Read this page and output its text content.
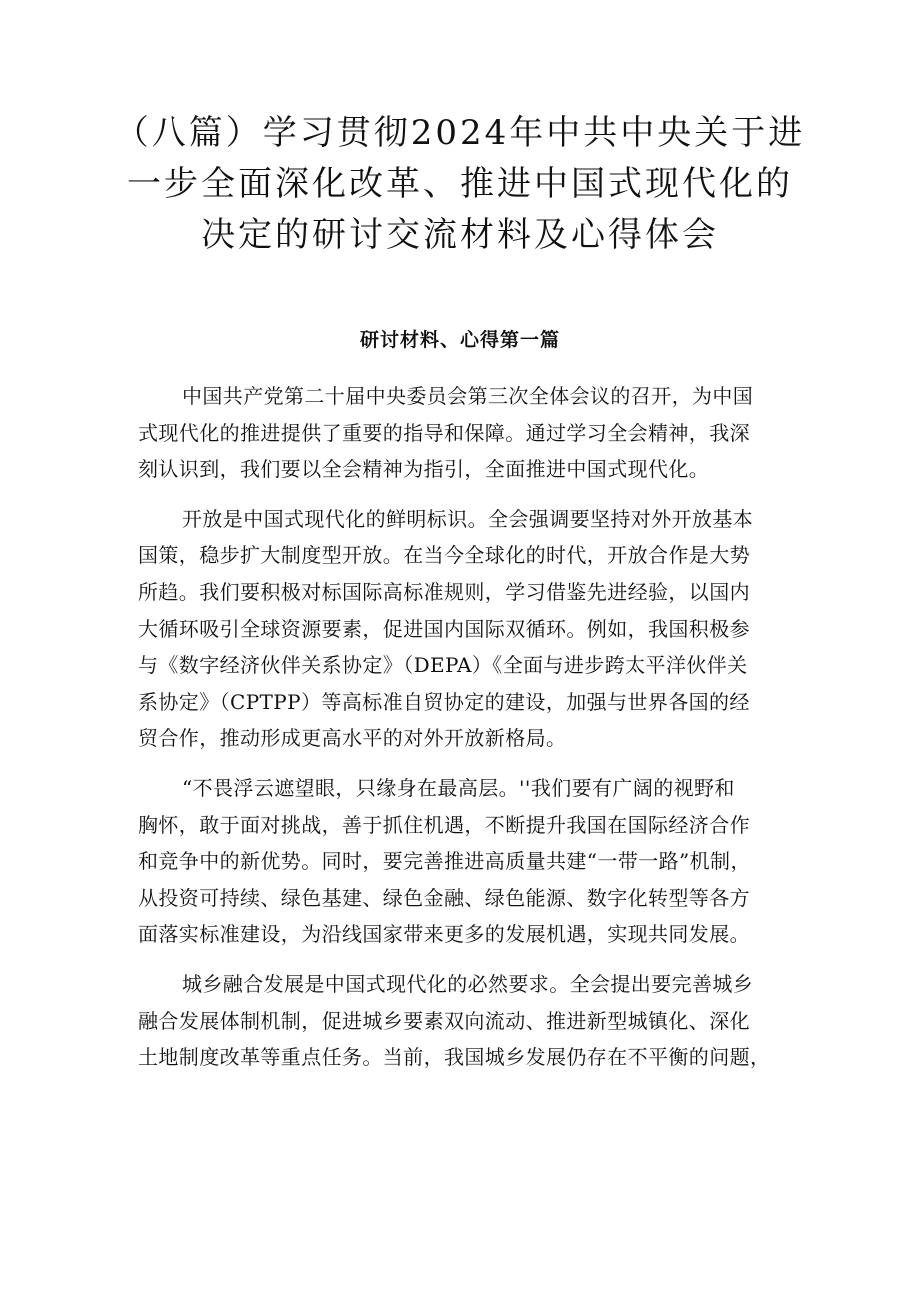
（八篇）学习贯彻2024年中共中央关于进
一步全面深化改革、推进中国式现代化的
决定的研讨交流材料及心得体会
研讨材料、心得第一篇

中国共产党第二十届中央委员会第三次全体会议的召开，为中国
式现代化的推进提供了重要的指导和保障。通过学习全会精神，我深
刻认识到，我们要以全会精神为指引，全面推进中国式现代化。

开放是中国式现代化的鲜明标识。全会强调要坚持对外开放基本
国策，稳步扩大制度型开放。在当今全球化的时代，开放合作是大势
所趋。我们要积极对标国际高标准规则，学习借鉴先进经验，以国内
大循环吸引全球资源要素，促进国内国际双循环。例如，我国积极参
与《数字经济伙伴关系协定》（DEPA）《全面与进步跨太平洋伙伴关
系协定》（CPTPP）等高标准自贸协定的建设，加强与世界各国的经
贸合作，推动形成更高水平的对外开放新格局。

“不畏浮云遮望眼，只缘身在最高层。''我们要有广阔的视野和
胸怀，敢于面对挑战，善于抓住机遇，不断提升我国在国际经济合作
和竞争中的新优势。同时，要完善推进高质量共建“一带一路”机制，
从投资可持续、绿色基建、绿色金融、绿色能源、数字化转型等各方
面落实标准建设，为沿线国家带来更多的发展机遇，实现共同发展。

城乡融合发展是中国式现代化的必然要求。全会提出要完善城乡
融合发展体制机制，促进城乡要素双向流动、推进新型城镇化、深化
土地制度改革等重点任务。当前，我国城乡发展仍存在不平衡的问题，
